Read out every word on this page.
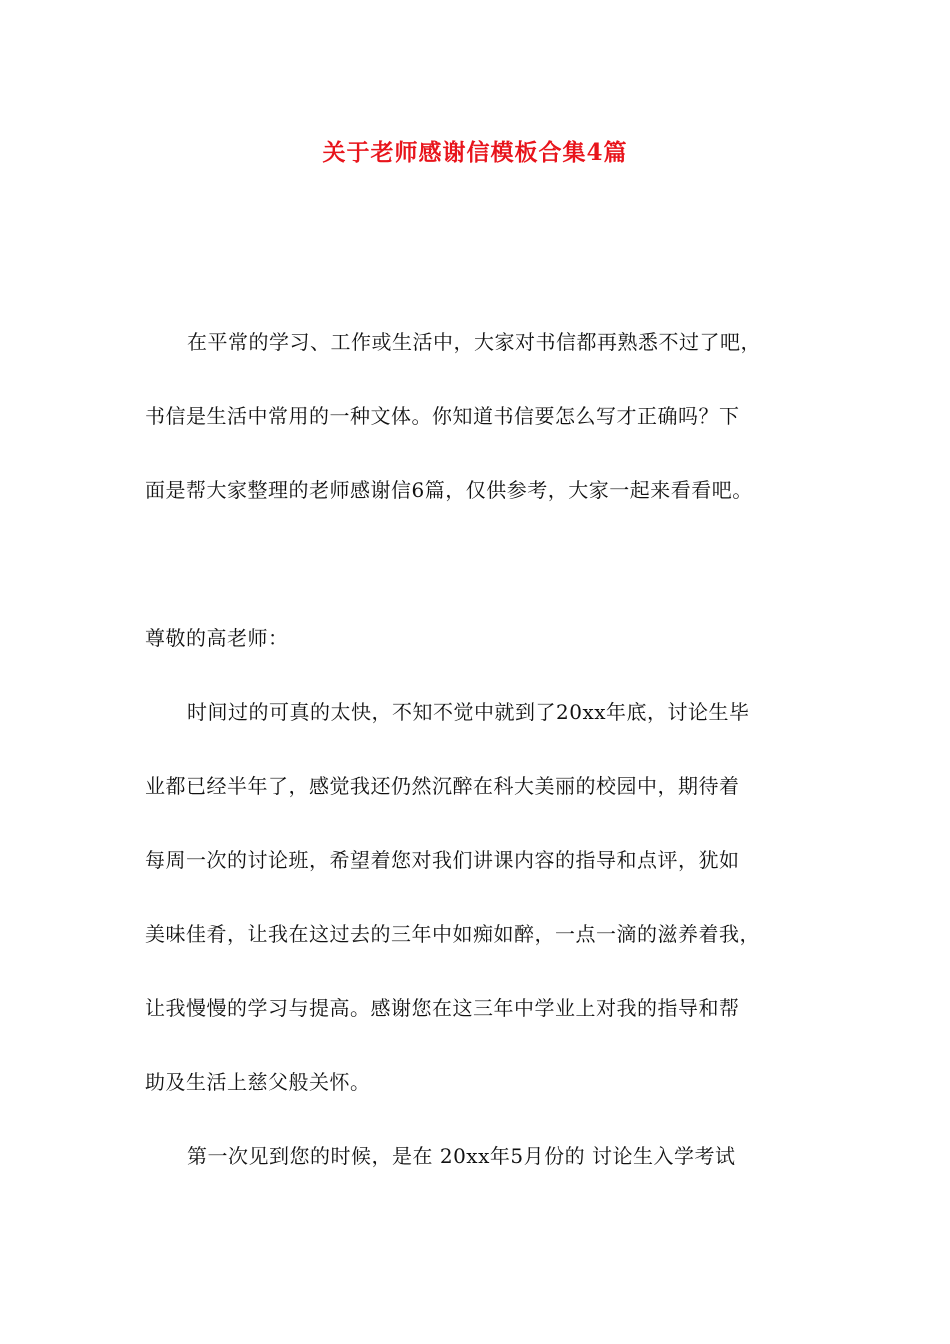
关于老师感谢信模板合集4篇
在平常的学习、工作或生活中，大家对书信都再熟悉不过了吧，
书信是生活中常用的一种文体。你知道书信要怎么写才正确吗？下
面是帮大家整理的老师感谢信6篇，仅供参考，大家一起来看看吧。
尊敬的高老师：
时间过的可真的太快，不知不觉中就到了20xx年底，讨论生毕
业都已经半年了，感觉我还仍然沉醉在科大美丽的校园中，期待着
每周一次的讨论班，希望着您对我们讲课内容的指导和点评，犹如
美味佳肴，让我在这过去的三年中如痴如醉，一点一滴的滋养着我，
让我慢慢的学习与提高。感谢您在这三年中学业上对我的指导和帮
助及生活上慈父般关怀。
第一次见到您的时候，是在 20xx年5月份的 讨论生入学考试
